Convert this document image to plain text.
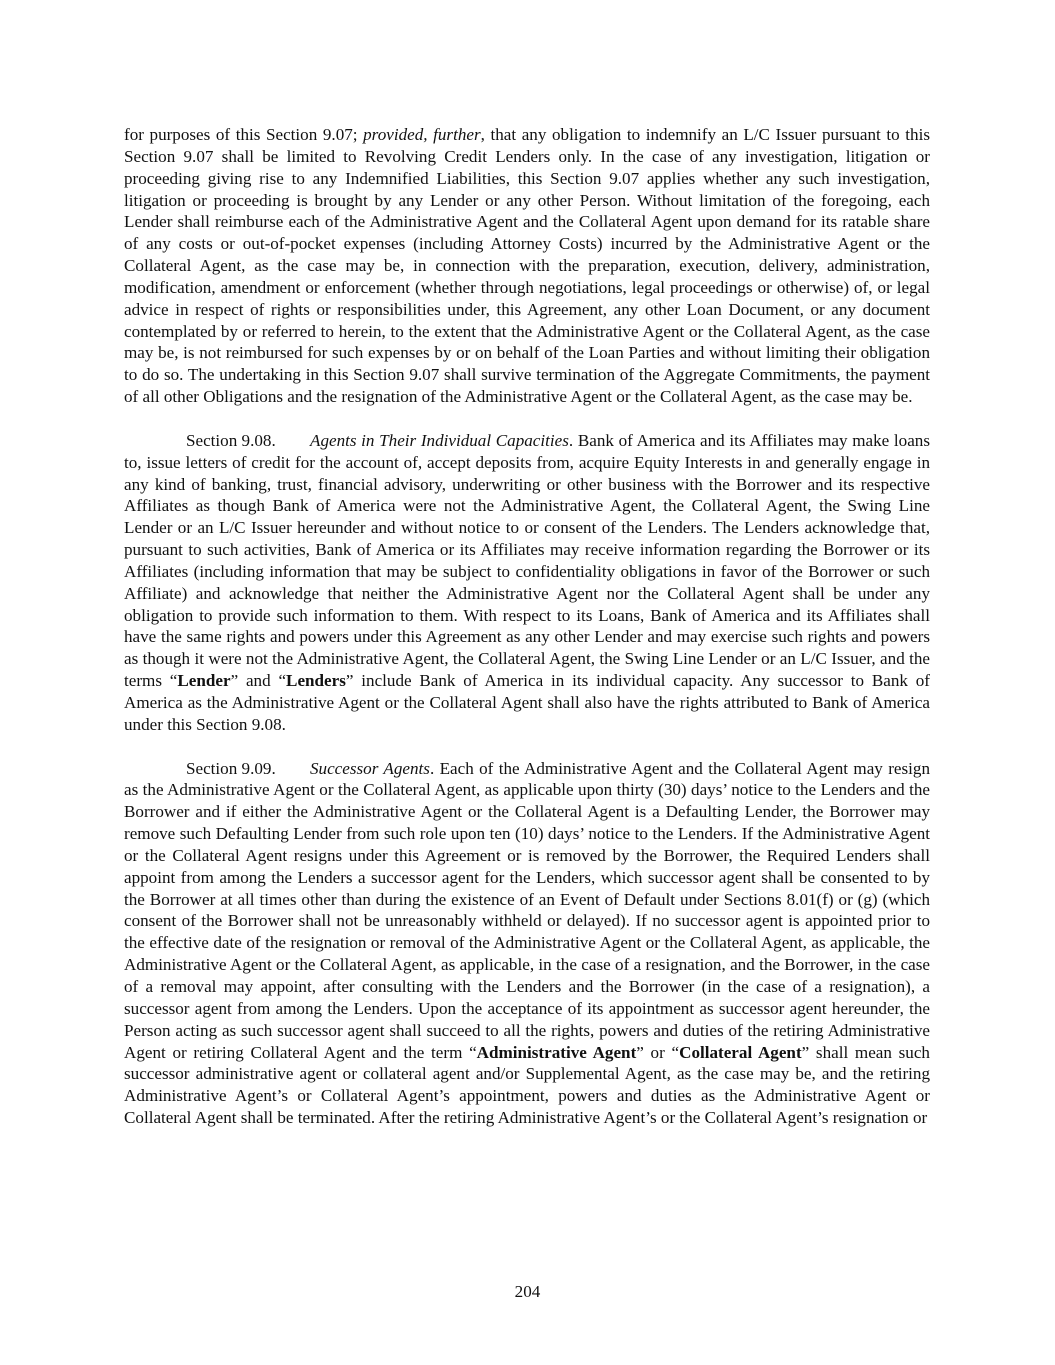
for purposes of this Section 9.07; provided, further, that any obligation to indemnify an L/C Issuer pursuant to this Section 9.07 shall be limited to Revolving Credit Lenders only. In the case of any investigation, litigation or proceeding giving rise to any Indemnified Liabilities, this Section 9.07 applies whether any such investigation, litigation or proceeding is brought by any Lender or any other Person. Without limitation of the foregoing, each Lender shall reimburse each of the Administrative Agent and the Collateral Agent upon demand for its ratable share of any costs or out-of-pocket expenses (including Attorney Costs) incurred by the Administrative Agent or the Collateral Agent, as the case may be, in connection with the preparation, execution, delivery, administration, modification, amendment or enforcement (whether through negotiations, legal proceedings or otherwise) of, or legal advice in respect of rights or responsibilities under, this Agreement, any other Loan Document, or any document contemplated by or referred to herein, to the extent that the Administrative Agent or the Collateral Agent, as the case may be, is not reimbursed for such expenses by or on behalf of the Loan Parties and without limiting their obligation to do so. The undertaking in this Section 9.07 shall survive termination of the Aggregate Commitments, the payment of all other Obligations and the resignation of the Administrative Agent or the Collateral Agent, as the case may be.

Section 9.08. Agents in Their Individual Capacities. Bank of America and its Affiliates may make loans to, issue letters of credit for the account of, accept deposits from, acquire Equity Interests in and generally engage in any kind of banking, trust, financial advisory, underwriting or other business with the Borrower and its respective Affiliates as though Bank of America were not the Administrative Agent, the Collateral Agent, the Swing Line Lender or an L/C Issuer hereunder and without notice to or consent of the Lenders. The Lenders acknowledge that, pursuant to such activities, Bank of America or its Affiliates may receive information regarding the Borrower or its Affiliates (including information that may be subject to confidentiality obligations in favor of the Borrower or such Affiliate) and acknowledge that neither the Administrative Agent nor the Collateral Agent shall be under any obligation to provide such information to them. With respect to its Loans, Bank of America and its Affiliates shall have the same rights and powers under this Agreement as any other Lender and may exercise such rights and powers as though it were not the Administrative Agent, the Collateral Agent, the Swing Line Lender or an L/C Issuer, and the terms “Lender” and “Lenders” include Bank of America in its individual capacity. Any successor to Bank of America as the Administrative Agent or the Collateral Agent shall also have the rights attributed to Bank of America under this Section 9.08.

Section 9.09. Successor Agents. Each of the Administrative Agent and the Collateral Agent may resign as the Administrative Agent or the Collateral Agent, as applicable upon thirty (30) days’ notice to the Lenders and the Borrower and if either the Administrative Agent or the Collateral Agent is a Defaulting Lender, the Borrower may remove such Defaulting Lender from such role upon ten (10) days’ notice to the Lenders. If the Administrative Agent or the Collateral Agent resigns under this Agreement or is removed by the Borrower, the Required Lenders shall appoint from among the Lenders a successor agent for the Lenders, which successor agent shall be consented to by the Borrower at all times other than during the existence of an Event of Default under Sections 8.01(f) or (g) (which consent of the Borrower shall not be unreasonably withheld or delayed). If no successor agent is appointed prior to the effective date of the resignation or removal of the Administrative Agent or the Collateral Agent, as applicable, the Administrative Agent or the Collateral Agent, as applicable, in the case of a resignation, and the Borrower, in the case of a removal may appoint, after consulting with the Lenders and the Borrower (in the case of a resignation), a successor agent from among the Lenders. Upon the acceptance of its appointment as successor agent hereunder, the Person acting as such successor agent shall succeed to all the rights, powers and duties of the retiring Administrative Agent or retiring Collateral Agent and the term “Administrative Agent” or “Collateral Agent” shall mean such successor administrative agent or collateral agent and/or Supplemental Agent, as the case may be, and the retiring Administrative Agent’s or Collateral Agent’s appointment, powers and duties as the Administrative Agent or Collateral Agent shall be terminated. After the retiring Administrative Agent’s or the Collateral Agent’s resignation or

204
